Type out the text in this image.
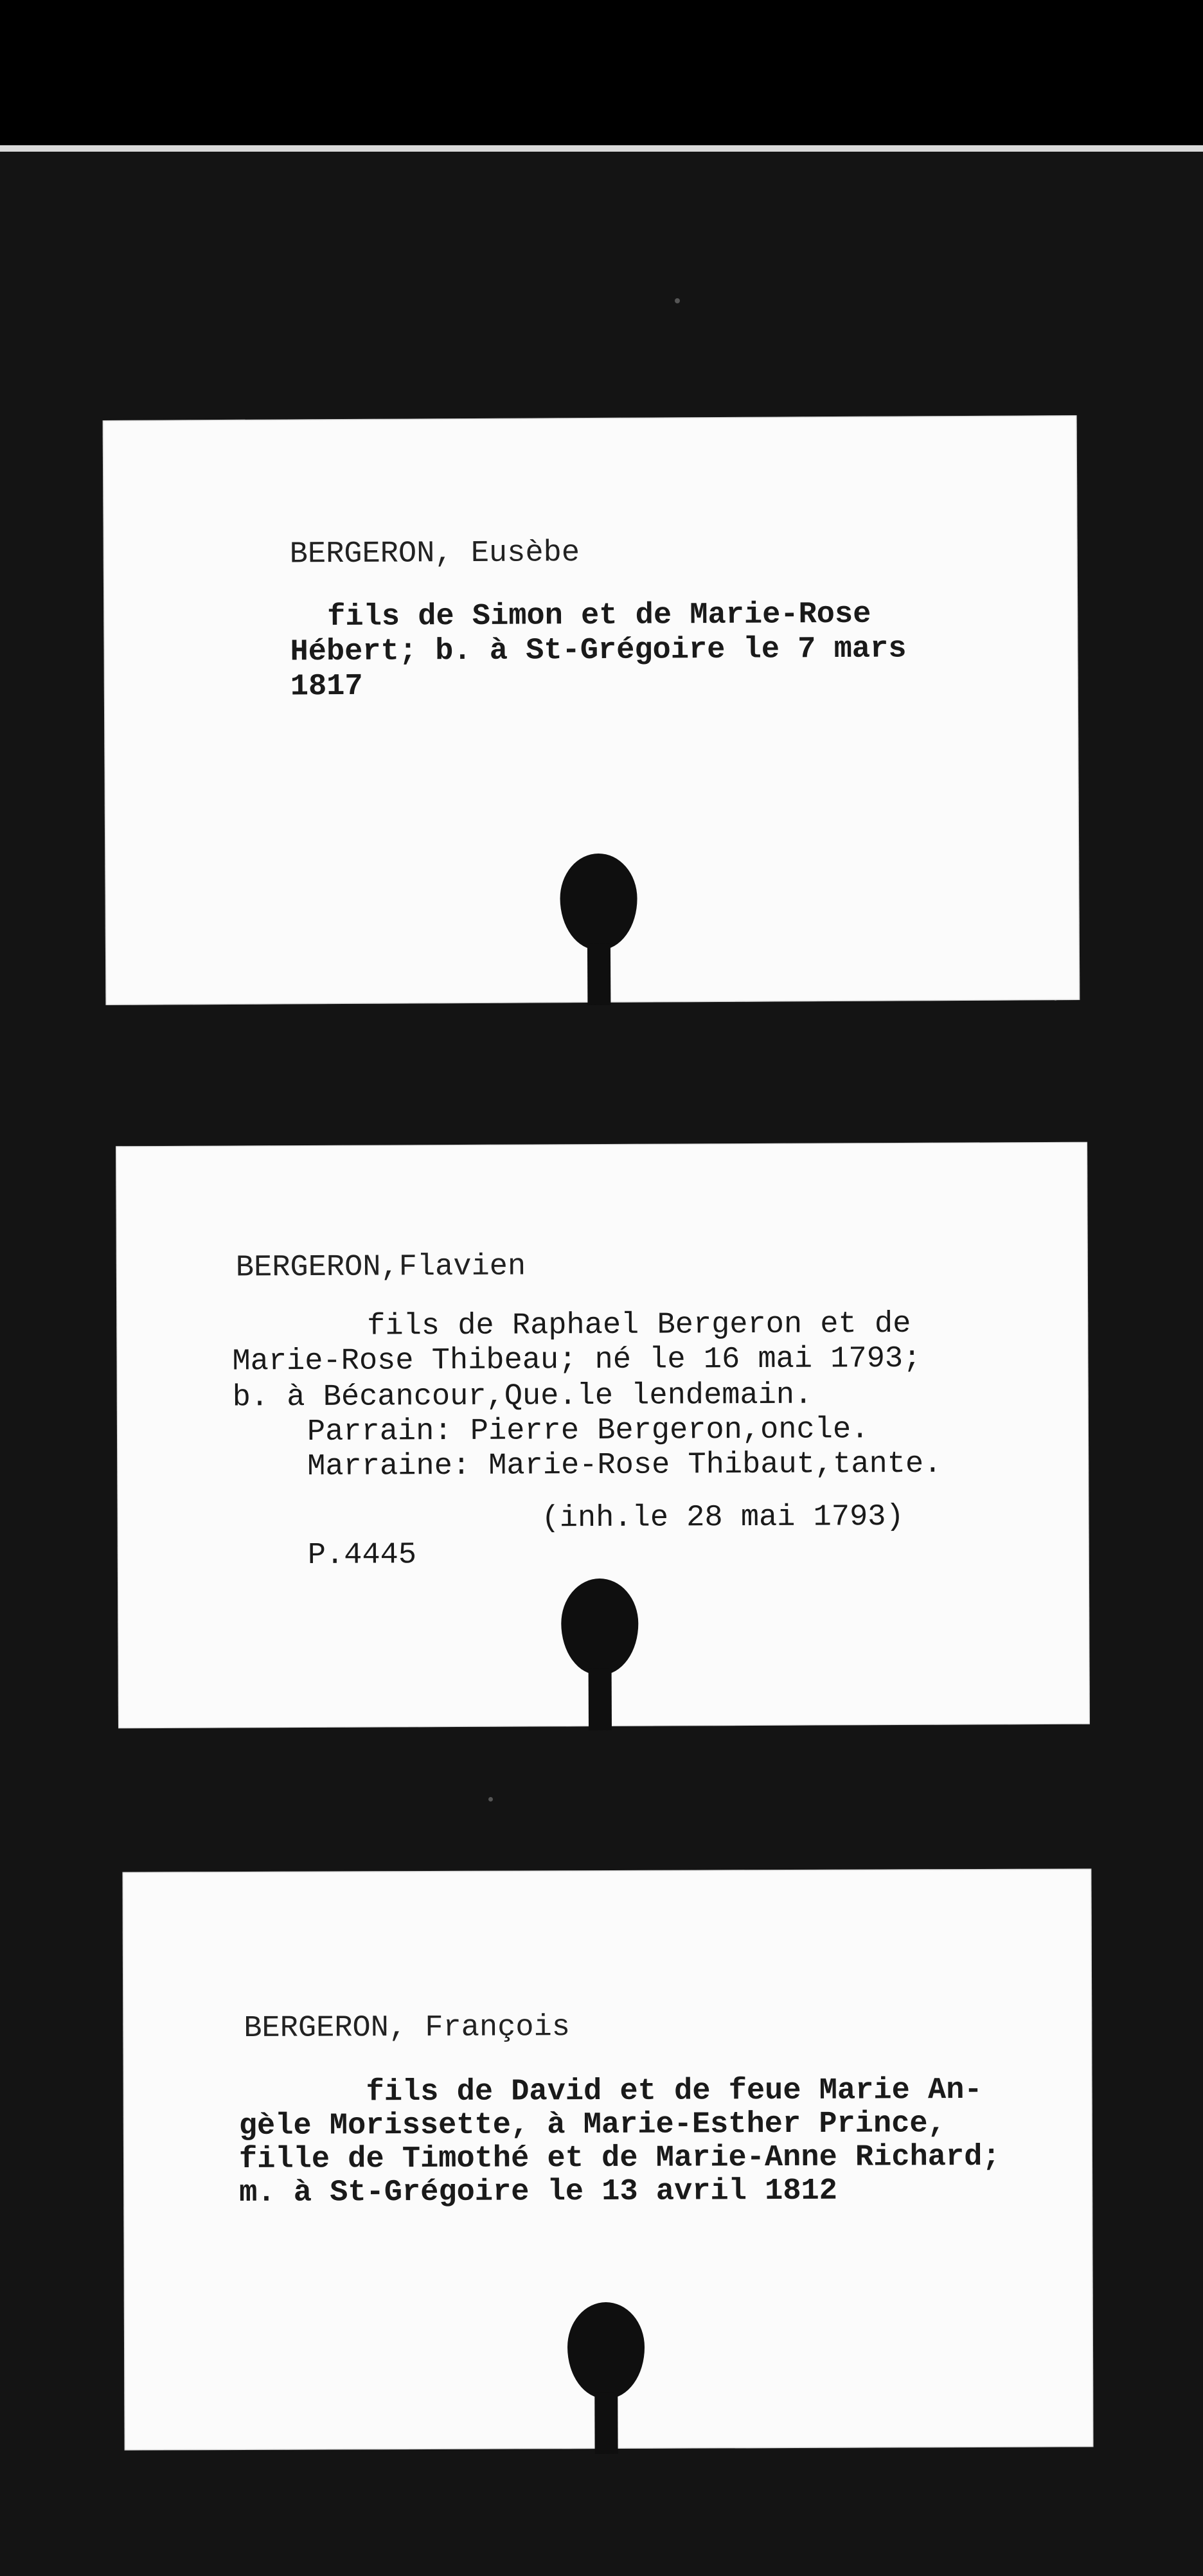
BERGERON, Eusèbe
fils de Simon et de Marie-Rose
Hébert; b. à St-Grégoire le 7 mars
1817
BERGERON,Flavien
fils de Raphael Bergeron et de
Marie-Rose Thibeau; né le 16 mai 1793;
b. à Bécancour,Que.le lendemain.
Parrain: Pierre Bergeron,oncle.
Marraine: Marie-Rose Thibaut,tante.
(inh.le 28 mai 1793)
P.4445
BERGERON, François
fils de David et de feue Marie An-
gèle Morissette, à Marie-Esther Prince,
fille de Timothé et de Marie-Anne Richard;
m. à St-Grégoire le 13 avril 1812
